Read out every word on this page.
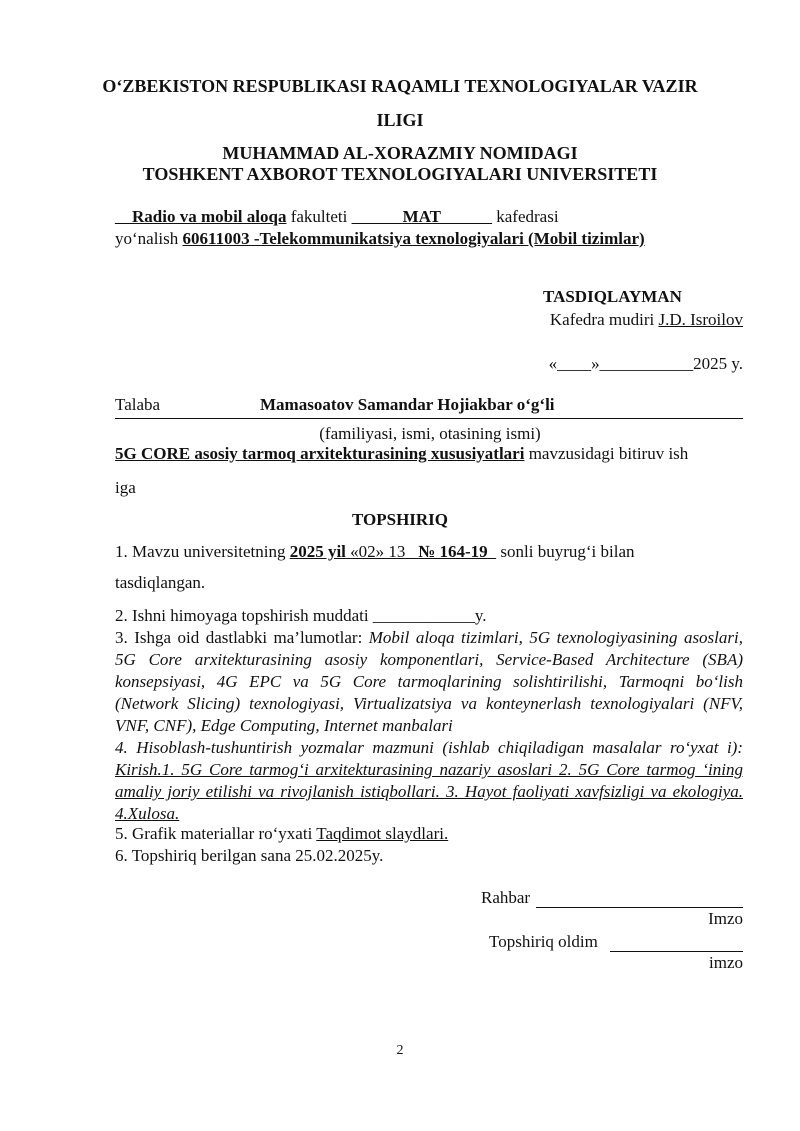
O‘ZBEKISTON RESPUBLIKASI RAQAMLI TEXNOLOGIYALAR VAZIR
ILIGI
MUHAMMAD AL-XORAZMIY NOMIDAGI
TOSHKENT AXBOROT TEXNOLOGIYALARI UNIVERSITETI
__Radio va mobil aloqa fakulteti ______MAT______ kafedrasi
yo‘nalish 60611003 -Telekommunikatsiya texnologiyalari (Mobil tizimlar)
TASDIQLAYMAN
Kafedra mudiri J.D. Isroilov
«____»___________2025 y.
Talaba	Mamasoatov Samandar Hojiakbar o‘g‘li
(familiyasi, ismi, otasining ismi)
5G CORE asosiy tarmoq arxitekturasining xususiyatlari mavzusidagi bitiruv ish
iga
TOPSHIRIQ
1. Mavzu universitetning 2025 yil «02» 13 № 164-19 sonli buyrug‘i bilan
tasdiqlangan.
2. Ishni himoyaga topshirish muddati ____________y.
3. Ishga oid dastlabki ma’lumotlar: Mobil aloqa tizimlari, 5G texnologiyasining asoslari, 5G Core arxitekturasining asosiy komponentlari, Service-Based Architecture (SBA) konsepsiyasi, 4G EPC va 5G Core tarmoqlarining solishtirilishi, Tarmoqni bo‘lish (Network Slicing) texnologiyasi, Virtualizatsiya va konteynerlash texnologiyalari (NFV, VNF, CNF), Edge Computing, Internet manbalari
4. Hisoblash-tushuntirish yozmalar mazmuni (ishlab chiqiladigan masalalar ro‘yxat i): Kirish.1. 5G Core tarmog‘i arxitekturasining nazariy asoslari 2. 5G Core tarmog ‘ining amaliy joriy etilishi va rivojlanish istiqbollari. 3. Hayot faoliyati xavfsizligi va ekologiya. 4.Xulosa.
5. Grafik materiallar ro‘yxati Taqdimot slaydlari.
6. Topshiriq berilgan sana 25.02.2025y.
Rahbar
Imzo
Topshiriq oldim
imzo
2
